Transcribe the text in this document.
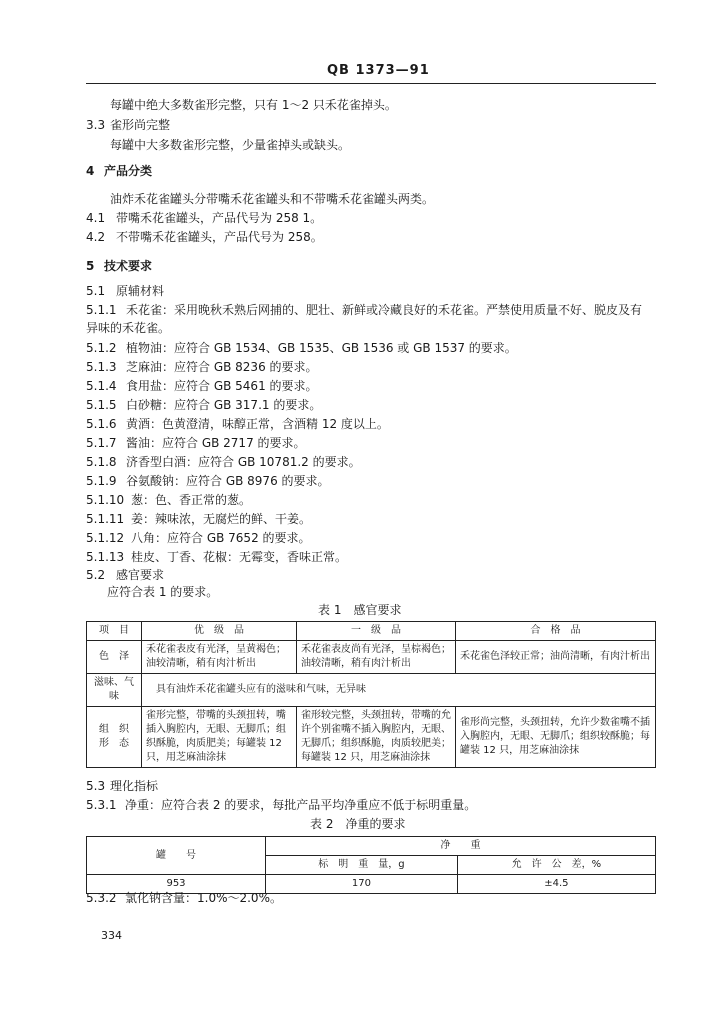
QB 1373—91
每罐中绝大多数雀形完整，只有 1～2 只禾花雀掉头。
3.3 雀形尚完整
每罐中大多数雀形完整，少量雀掉头或缺头。
4 产品分类
油炸禾花雀罐头分带嘴禾花雀罐头和不带嘴禾花雀罐头两类。
4.1 带嘴禾花雀罐头，产品代号为 258 1。
4.2 不带嘴禾花雀罐头，产品代号为 258。
5 技术要求
5.1 原辅材料
5.1.1 禾花雀：采用晚秋禾熟后网捕的、肥壮、新鲜或冷藏良好的禾花雀。严禁使用质量不好、脱皮及有
异味的禾花雀。
5.1.2 植物油：应符合 GB 1534、GB 1535、GB 1536 或 GB 1537 的要求。
5.1.3 芝麻油：应符合 GB 8236 的要求。
5.1.4 食用盐：应符合 GB 5461 的要求。
5.1.5 白砂糖：应符合 GB 317.1 的要求。
5.1.6 黄酒：色黄澄清，味醇正常，含酒精 12 度以上。
5.1.7 酱油：应符合 GB 2717 的要求。
5.1.8 济香型白酒：应符合 GB 10781.2 的要求。
5.1.9 谷氨酸钠：应符合 GB 8976 的要求。
5.1.10 葱：色、香正常的葱。
5.1.11 姜：辣味浓，无腐烂的鲜、干姜。
5.1.12 八角：应符合 GB 7652 的要求。
5.1.13 桂皮、丁香、花椒：无霉变，香味正常。
5.2 感官要求
应符合表 1 的要求。
表 1　感官要求
项　目	优　级　品	一　级　品	合　格　品
色　泽	禾花雀表皮有光泽，呈黄褐色；油较清晰，稍有肉汁析出	禾花雀表皮尚有光泽，呈棕褐色；油较清晰，稍有肉汁析出	禾花雀色泽较正常；油尚清晰，有肉汁析出
滋味、气味	具有油炸禾花雀罐头应有的滋味和气味，无异味		
组　织　形　态	雀形完整，带嘴的头颈扭转，嘴插入胸腔内，无眼、无脚爪；组织酥脆，肉质肥美；每罐装 12 只，用芝麻油涂抹	雀形较完整，头颈扭转，带嘴的允许个别雀嘴不插入胸腔内，无眼、无脚爪；组织酥脆，肉质较肥美；每罐装 12 只，用芝麻油涂抹	雀形尚完整，头颈扭转，允许少数雀嘴不插入胸腔内，无眼、无脚爪；组织较酥脆；每罐装 12 只，用芝麻油涂抹
5.3 理化指标
5.3.1 净重：应符合表 2 的要求，每批产品平均净重应不低于标明重量。
表 2　净重的要求
罐　　号	净　　重	
	标　明　重　量，g	允　许　公　差，%
953	170	±4.5
5.3.2 氯化钠含量：1.0%～2.0%。
334
